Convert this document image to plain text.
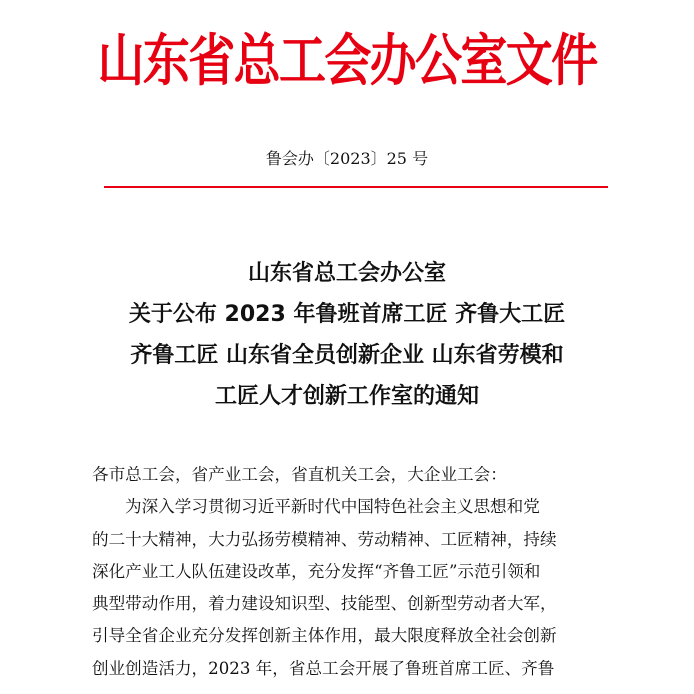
山东省总工会办公室文件
鲁会办〔2023〕25 号
山东省总工会办公室
关于公布 2023 年鲁班首席工匠 齐鲁大工匠
齐鲁工匠 山东省全员创新企业 山东省劳模和
工匠人才创新工作室的通知
各市总工会，省产业工会，省直机关工会，大企业工会：
为深入学习贯彻习近平新时代中国特色社会主义思想和党
的二十大精神，大力弘扬劳模精神、劳动精神、工匠精神，持续
深化产业工人队伍建设改革，充分发挥“齐鲁工匠”示范引领和
典型带动作用，着力建设知识型、技能型、创新型劳动者大军，
引导全省企业充分发挥创新主体作用，最大限度释放全社会创新
创业创造活力，2023 年，省总工会开展了鲁班首席工匠、齐鲁
